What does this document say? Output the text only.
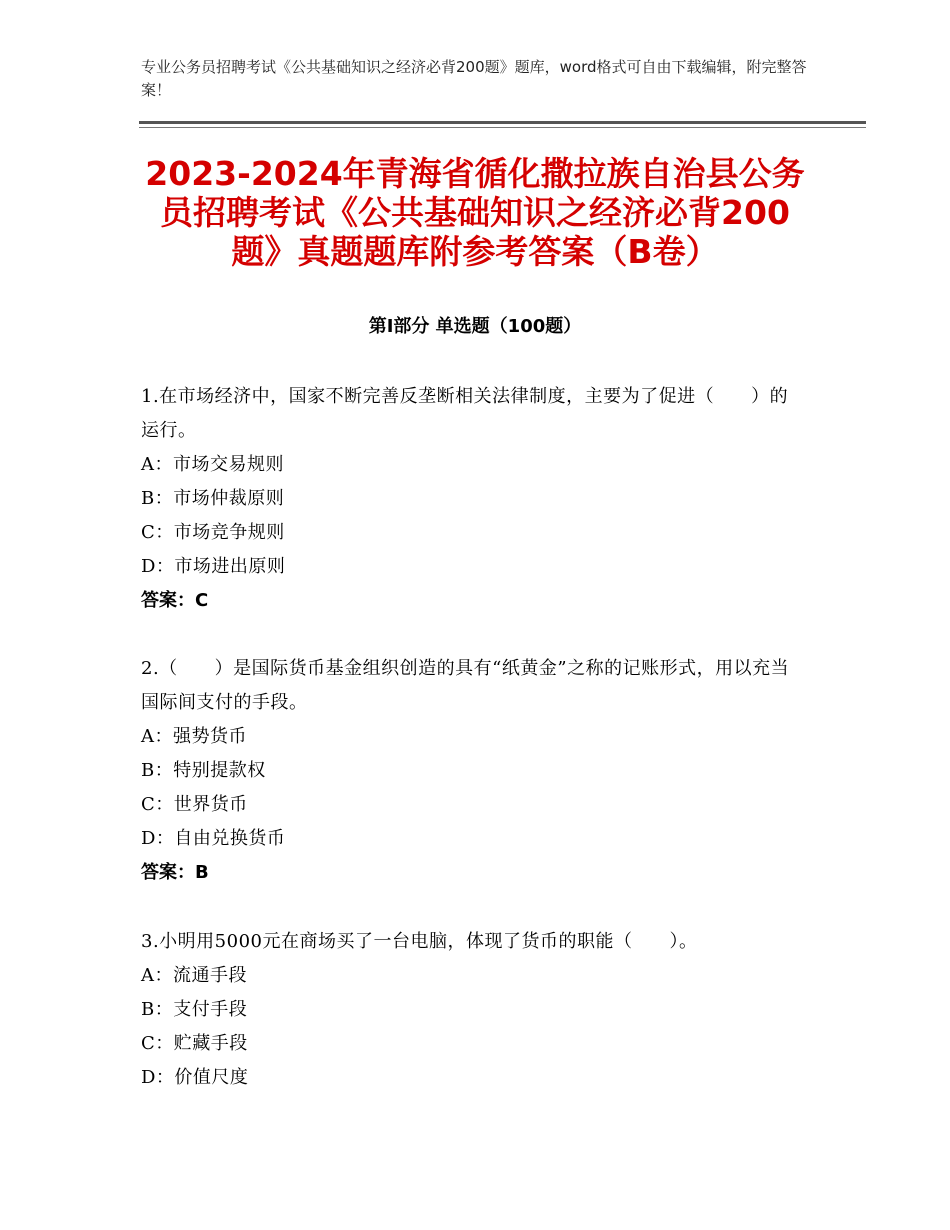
专业公务员招聘考试《公共基础知识之经济必背200题》题库，word格式可自由下载编辑，附完整答案！
2023-2024年青海省循化撒拉族自治县公务员招聘考试《公共基础知识之经济必背200题》真题题库附参考答案（B卷）
第Ⅰ部分 单选题（100题）
1.在市场经济中，国家不断完善反垄断相关法律制度，主要为了促进（　　）的运行。
A：市场交易规则
B：市场仲裁原则
C：市场竞争规则
D：市场进出原则
答案：C
2.（　　）是国际货币基金组织创造的具有“纸黄金”之称的记账形式，用以充当国际间支付的手段。
A：强势货币
B：特别提款权
C：世界货币
D：自由兑换货币
答案：B
3.小明用5000元在商场买了一台电脑，体现了货币的职能（　　）。
A：流通手段
B：支付手段
C：贮藏手段
D：价值尺度
